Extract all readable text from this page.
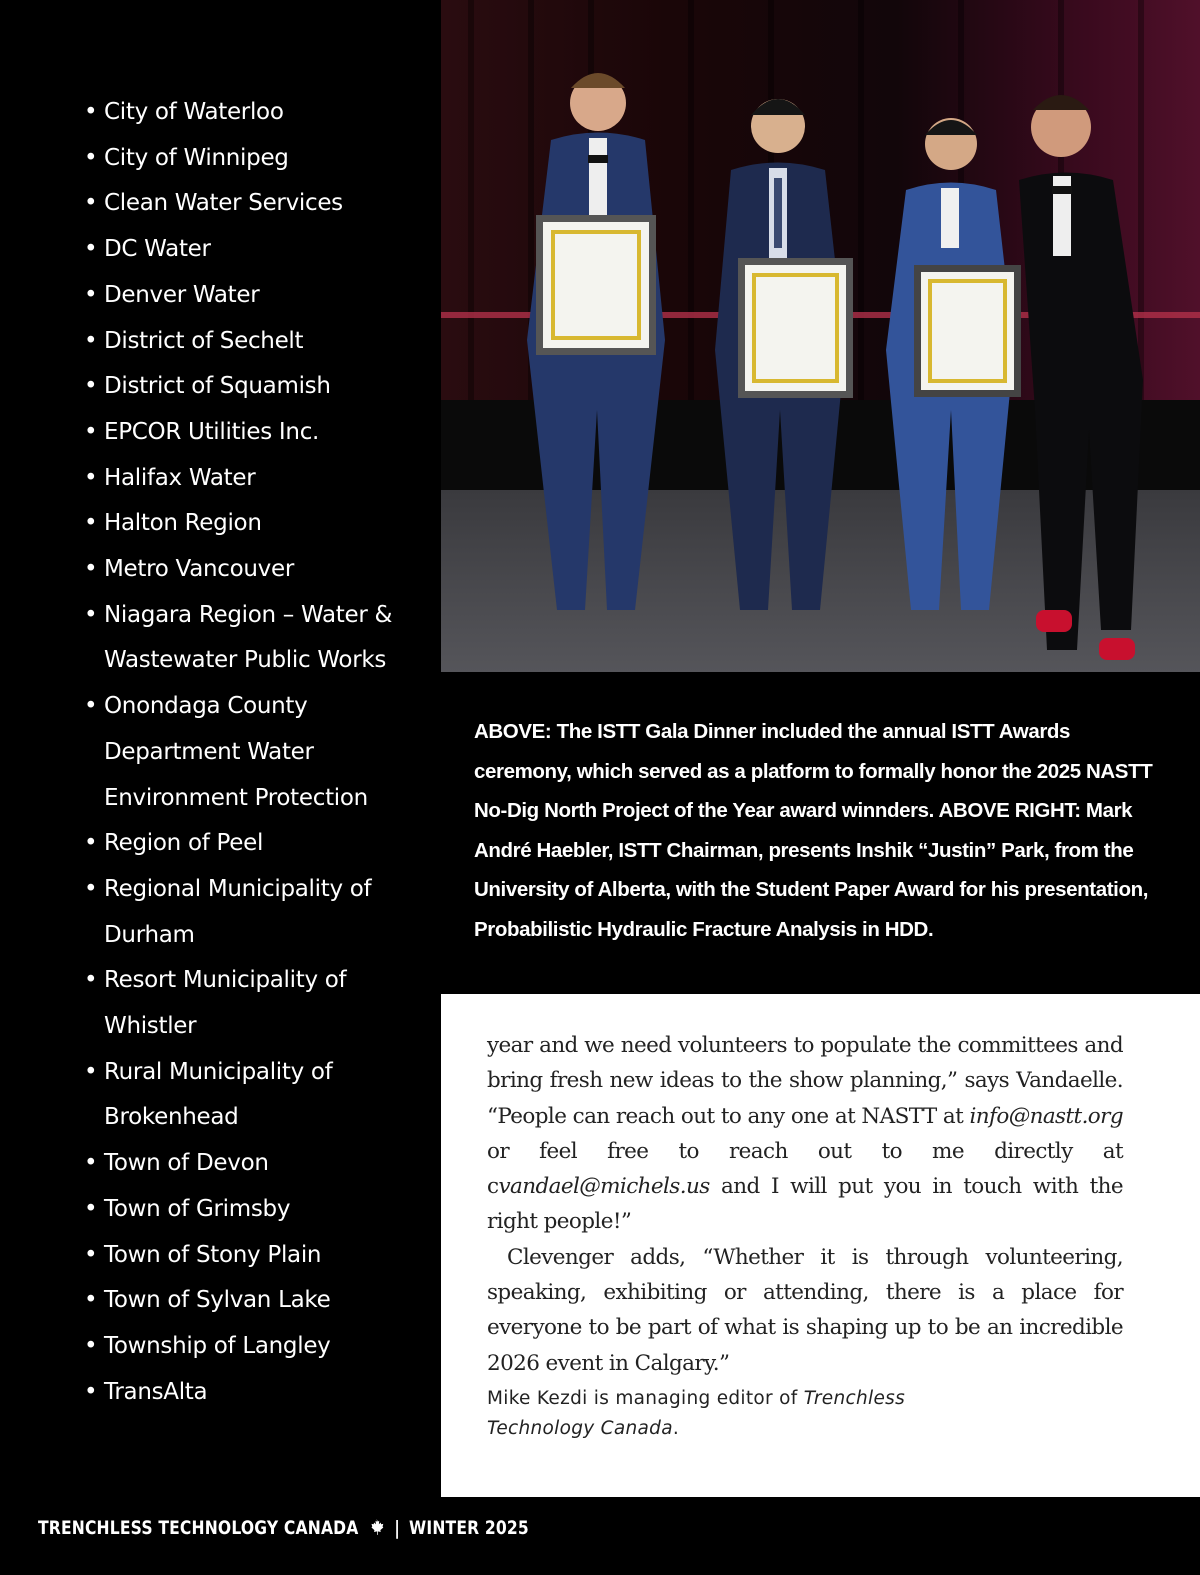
• City of Waterloo
• City of Winnipeg
• Clean Water Services
• DC Water
• Denver Water
• District of Sechelt
• District of Squamish
• EPCOR Utilities Inc.
• Halifax Water
• Halton Region
• Metro Vancouver
• Niagara Region – Water & Wastewater Public Works
• Onondaga County Department Water Environment Protection
• Region of Peel
• Regional Municipality of Durham
• Resort Municipality of Whistler
• Rural Municipality of Brokenhead
• Town of Devon
• Town of Grimsby
• Town of Stony Plain
• Town of Sylvan Lake
• Township of Langley
• TransAlta
ABOVE: The ISTT Gala Dinner included the annual ISTT Awards ceremony, which served as a platform to formally honor the 2025 NASTT No-Dig North Project of the Year award winnders. ABOVE RIGHT: Mark André Haebler, ISTT Chairman, presents Inshik “Justin” Park, from the University of Alberta, with the Student Paper Award for his presentation, Probabilistic Hydraulic Fracture Analysis in HDD.

year and we need volunteers to populate the committees and bring fresh new ideas to the show planning,” says Vandaelle. “People can reach out to any one at NASTT at info@nastt.org or feel free to reach out to me directly at cvandael@michels.us and I will put you in touch with the right people!”

Clevenger adds, “Whether it is through volunteering, speaking, exhibiting or attending, there is a place for everyone to be part of what is shaping up to be an incredible 2026 event in Calgary.”

Mike Kezdi is managing editor of Trenchless Technology Canada.
TRENCHLESS TECHNOLOGY CANADA | WINTER 2025
